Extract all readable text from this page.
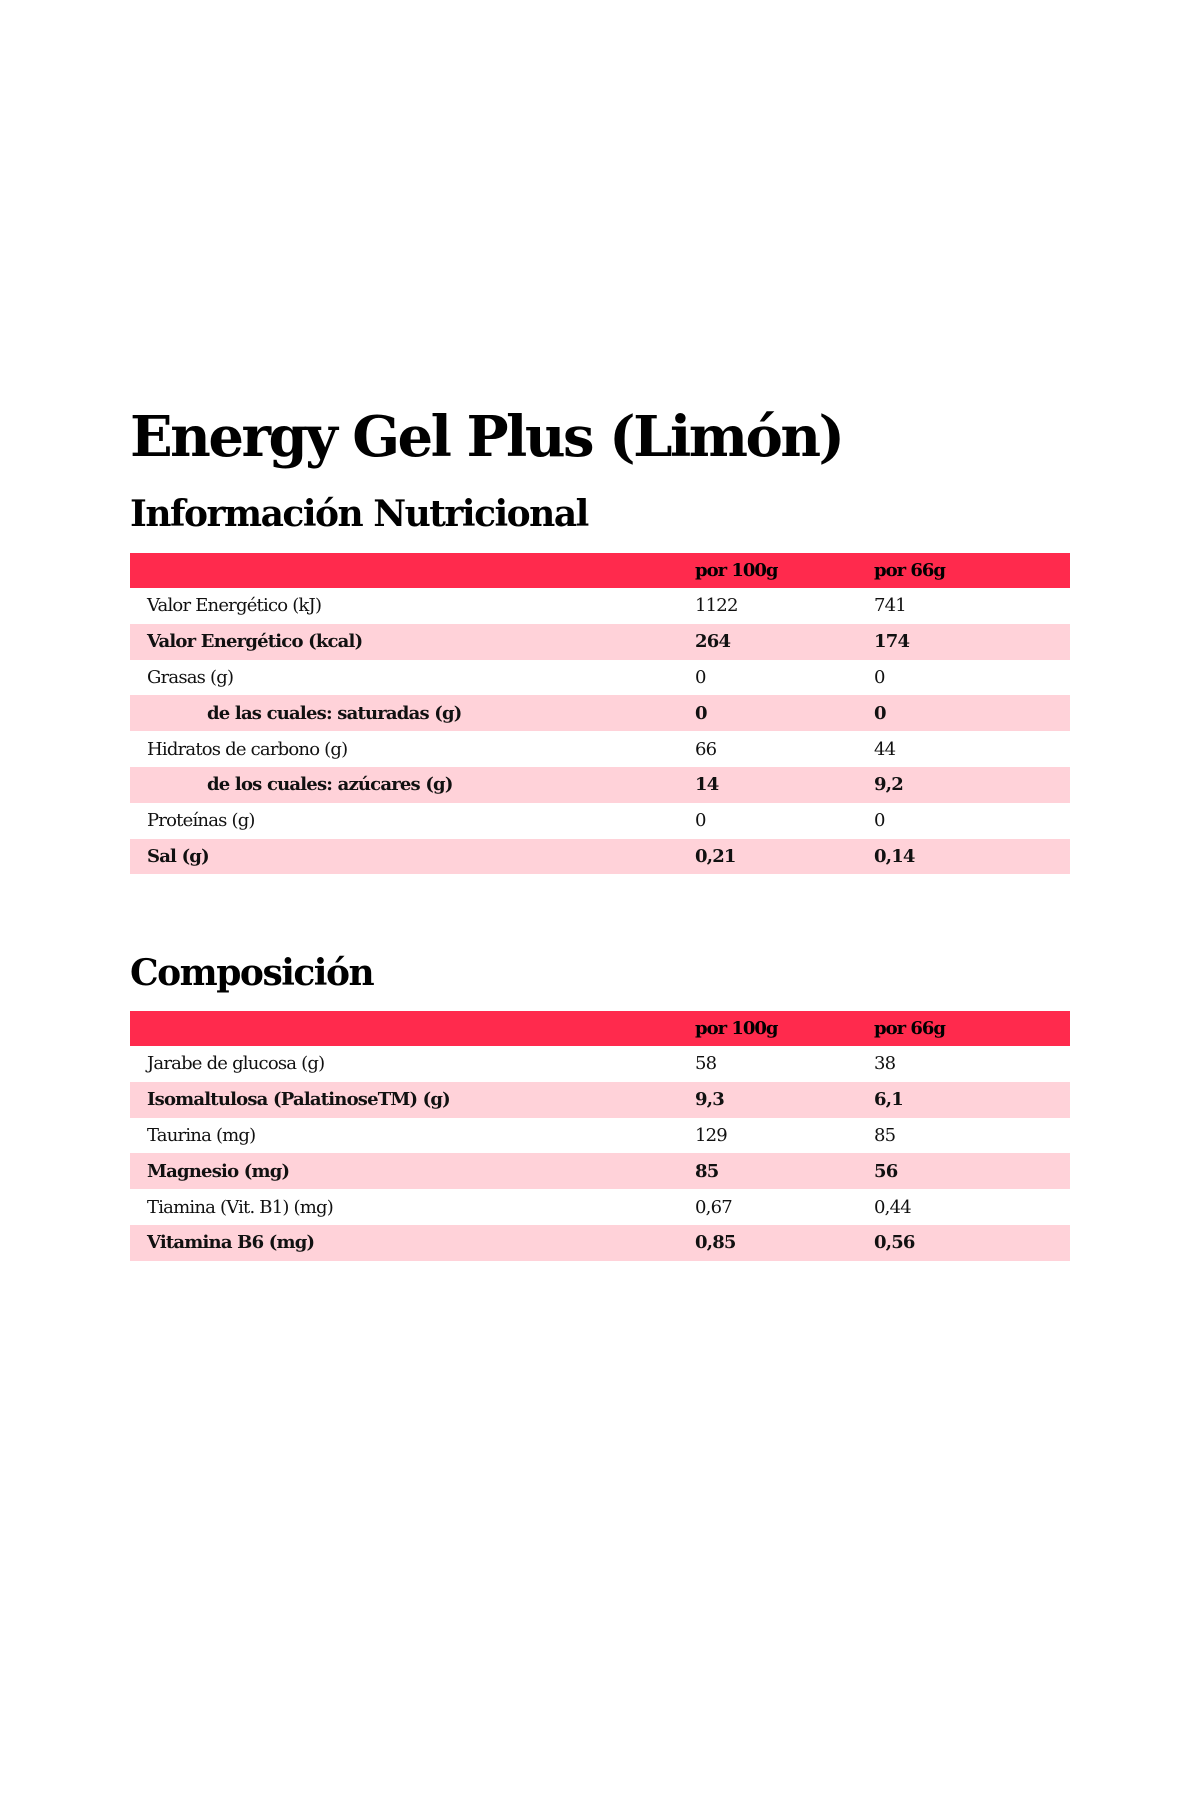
Energy Gel Plus (Limón)
Información Nutricional
	por 100g	por 66g
Valor Energético (kJ)	1122	741
Valor Energético (kcal)	264	174
Grasas (g)	0	0
de las cuales: saturadas (g)	0	0
Hidratos de carbono (g)	66	44
de los cuales: azúcares (g)	14	9,2
Proteínas (g)	0	0
Sal (g)	0,21	0,14
Composición
	por 100g	por 66g
Jarabe de glucosa (g)	58	38
Isomaltulosa (PalatinoseTM) (g)	9,3	6,1
Taurina (mg)	129	85
Magnesio (mg)	85	56
Tiamina (Vit. B1) (mg)	0,67	0,44
Vitamina B6 (mg)	0,85	0,56
